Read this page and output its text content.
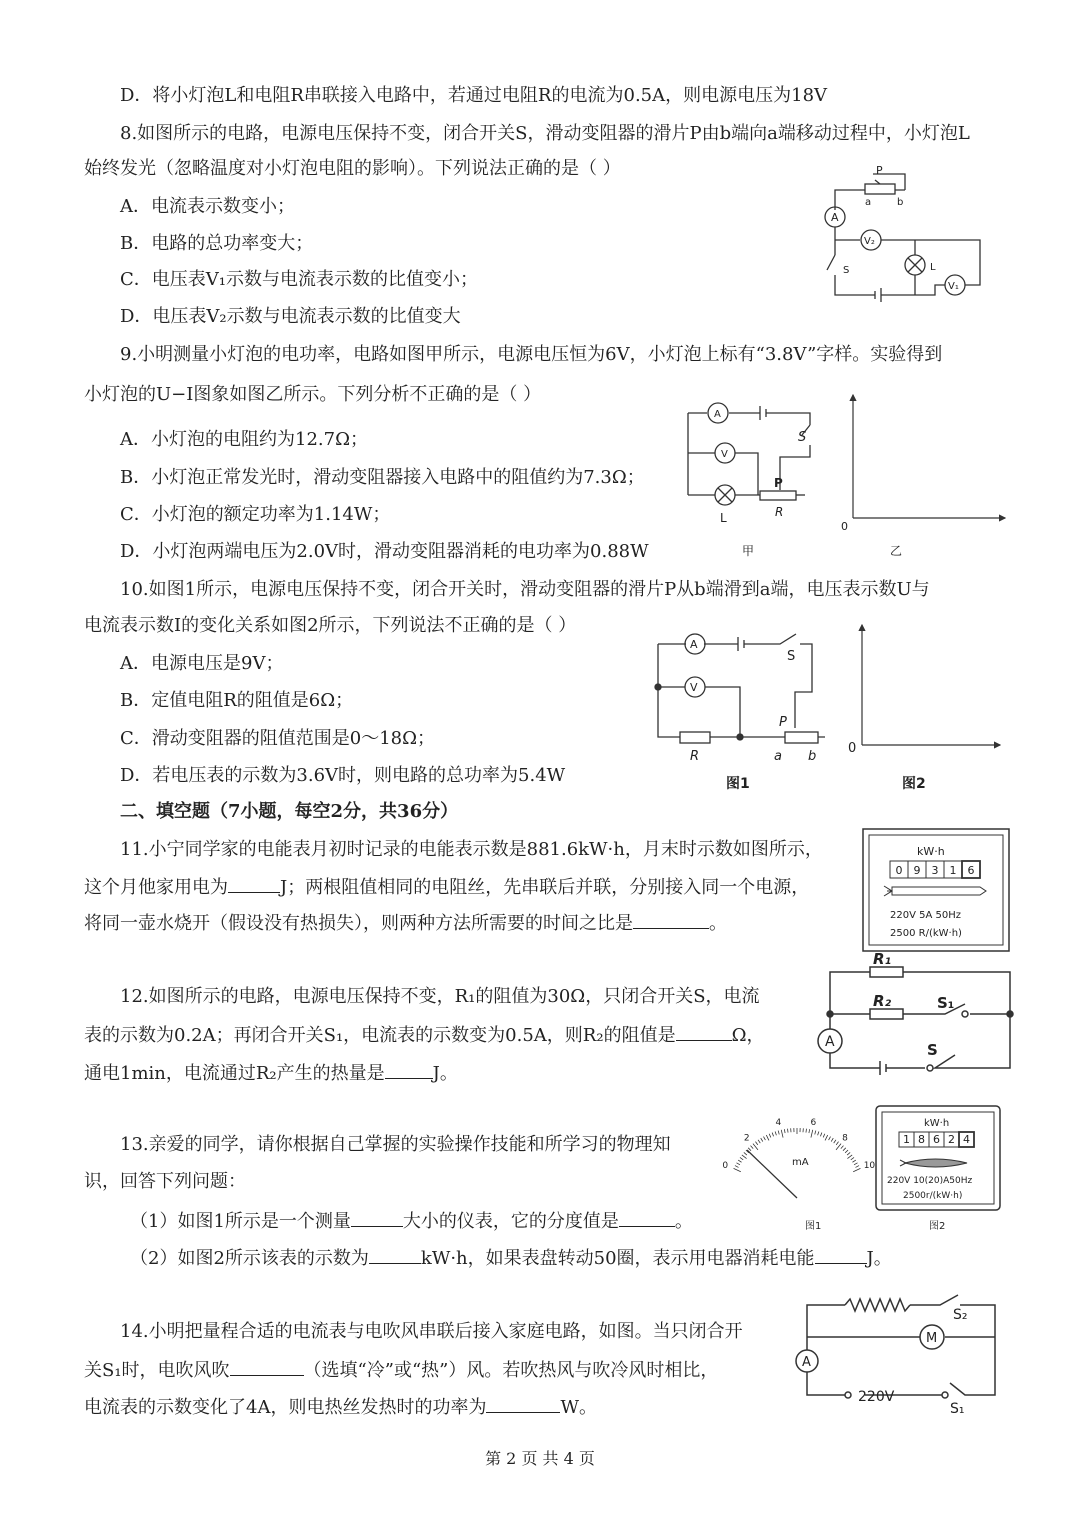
D．将小灯泡L和电阻R串联接入电路中，若通过电阻R的电流为0.5A，则电源电压为18V
8.如图所示的电路，电源电压保持不变，闭合开关S，滑动变阻器的滑片P由b端向a端移动过程中，小灯泡L
始终发光（忽略温度对小灯泡电阻的影响）。下列说法正确的是（ ）
A．电流表示数变小；
B．电路的总功率变大；
C．电压表V₁示数与电流表示数的比值变小；
D．电压表V₂示数与电流表示数的比值变大
P
a	b
A
V₂
S	L
V₁
9.小明测量小灯泡的电功率，电路如图甲所示，电源电压恒为6V，小灯泡上标有“3.8V”字样。实验得到
小灯泡的U−I图象如图乙所示。下列分析不正确的是（ ）
A．小灯泡的电阻约为12.7Ω；
B．小灯泡正常发光时，滑动变阻器接入电路中的阻值约为7.3Ω；
C．小灯泡的额定功率为1.14W；
D．小灯泡两端电压为2.0V时，滑动变阻器消耗的电功率为0.88W
A
V
S
P
R
L
甲
0
乙
10.如图1所示，电源电压保持不变，闭合开关时，滑动变阻器的滑片P从b端滑到a端，电压表示数U与
电流表示数I的变化关系如图2所示，下列说法不正确的是（ ）
A．电源电压是9V；
B．定值电阻R的阻值是6Ω；
C．滑动变阻器的阻值范围是0～18Ω；
D．若电压表的示数为3.6V时，则电路的总功率为5.4W
A
V
S
P
R	a b
图1
0
图2
二、填空题（7小题，每空2分，共36分）
11.小宁同学家的电能表月初时记录的电能表示数是881.6kW·h，月末时示数如图所示，
这个月他家用电为	J；两根阻值相同的电阻丝，先串联后并联，分别接入同一个电源，
将同一壶水烧开（假设没有热损失），则两种方法所需要的时间之比是	。
kW·h
0 9 3 1 6
220V 5A 50Hz
2500 R/(kW·h)
12.如图所示的电路，电源电压保持不变，R₁的阻值为30Ω，只闭合开关S，电流
表的示数为0.2A；再闭合开关S₁，电流表的示数变为0.5A，则R₂的阻值是	Ω，
通电1min，电流通过R₂产生的热量是	J。
R₁
R₂	S₁
A	S
13.亲爱的同学，请你根据自己掌握的实验操作技能和所学习的物理知
识，回答下列问题：
（1）如图1所示是一个测量	大小的仪表，它的分度值是	。
（2）如图2所示该表的示数为	kW·h，如果表盘转动50圈，表示用电器消耗电能	J。
0
2
4	6
8
10
mA
图1
kW·h
1 8 6 2 4
220V 10(20)A50Hz
2500r/(kW·h)
图2
14.小明把量程合适的电流表与电吹风串联后接入家庭电路，如图。当只闭合开
关S₁时，电吹风吹	（选填“冷”或“热”）风。若吹热风与吹冷风时相比，
电流表的示数变化了4A，则电热丝发热时的功率为	W。
S₂
M
A
220V
S₁
第 2 页 共 4 页
